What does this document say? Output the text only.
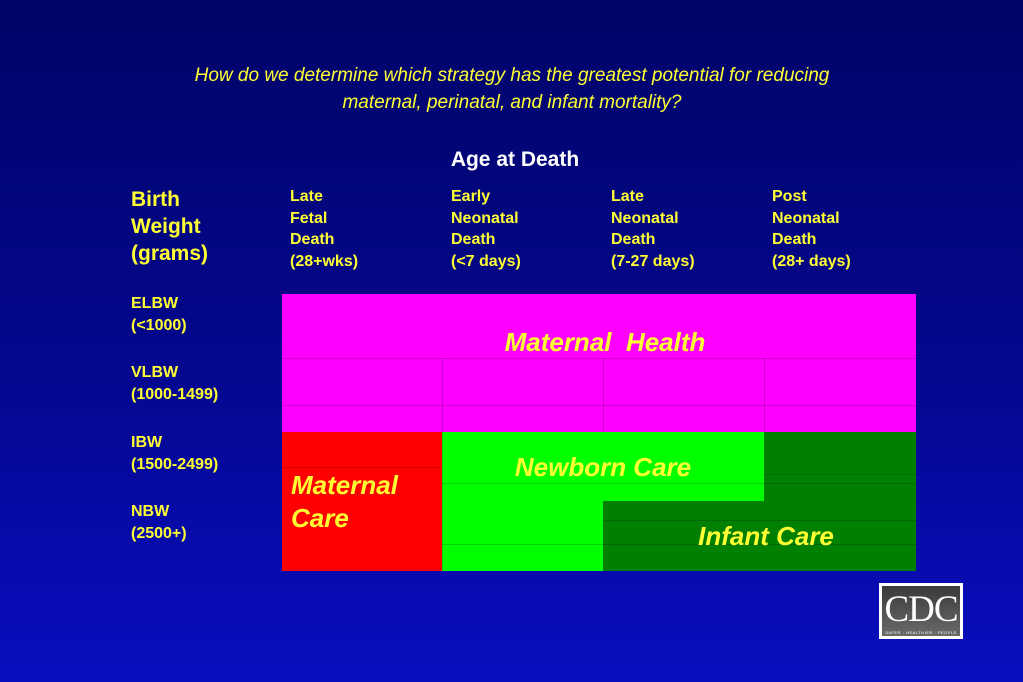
How do we determine which strategy has the greatest potential for reducing
maternal, perinatal, and infant mortality?
Age at Death
Birth
Weight
(grams)
Late
Fetal
Death
(28+wks)
Early
Neonatal
Death
(<7 days)
Late
Neonatal
Death
(7-27 days)
Post
Neonatal
Death
(28+ days)
ELBW
(<1000)
VLBW
(1000-1499)
IBW
(1500-2499)
NBW
(2500+)
Maternal  Health
Maternal
Care
Newborn Care
Infant Care
CDC
SAFER · HEALTHIER · PEOPLE
